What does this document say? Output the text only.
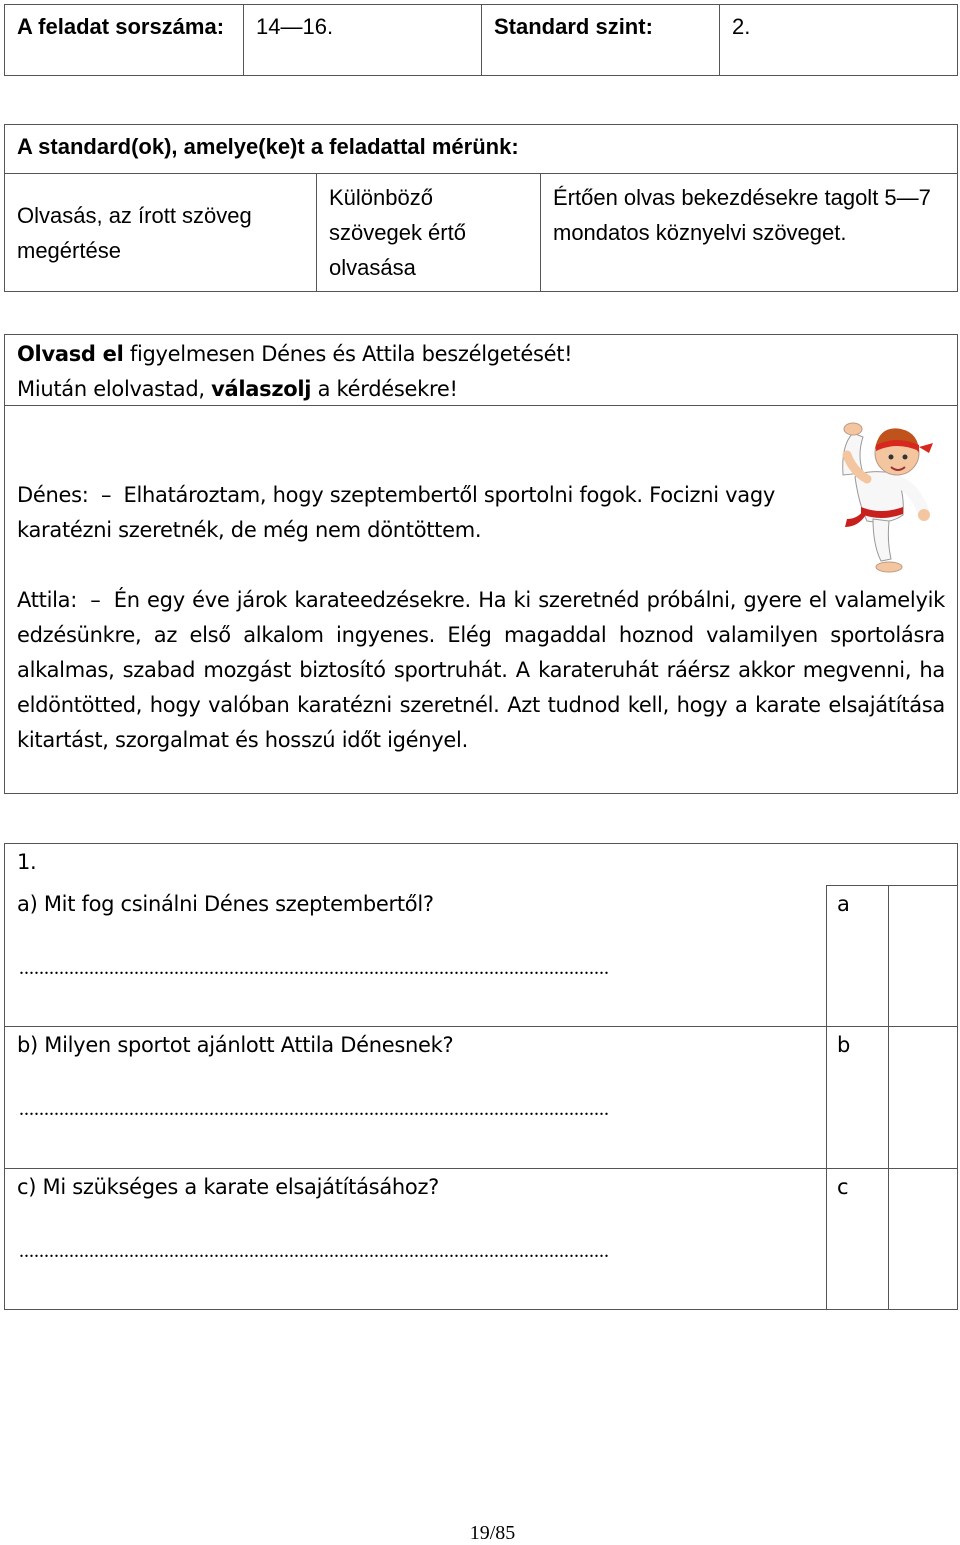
A feladat sorszáma:	14—16.	Standard szint:	2.
A standard(ok), amelye(ke)t a feladattal mérünk:
Olvasás, az írott szöveg megértése	Különböző szövegek értő olvasása	Értően olvas bekezdésekre tagolt 5—7 mondatos köznyelvi szöveget.
Olvasd el figyelmesen Dénes és Attila beszélgetését!
Miután elolvastad, válaszolj a kérdésekre!
Dénes: – Elhatároztam, hogy szeptembertől sportolni fogok. Focizni vagy karatézni szeretnék, de még nem döntöttem.
Attila: – Én egy éve járok karateedzésekre. Ha ki szeretnéd próbálni, gyere el valamelyik edzésünkre, az első alkalom ingyenes. Elég magaddal hoznod valamilyen sportolásra alkalmas, szabad mozgást biztosító sportruhát. A karateruhát ráérsz akkor megvenni, ha eldöntötted, hogy valóban karatézni szeretnél. Azt tudnod kell, hogy a karate elsajátítása kitartást, szorgalmat és hosszú időt igényel.
1.		

a) Mit fog csinálni Dénes szeptembertől?
......................................................................................................................	a	

b) Milyen sportot ajánlott Attila Dénesnek?
......................................................................................................................	b	

c) Mi szükséges a karate elsajátításához?
......................................................................................................................	c	

19/85
